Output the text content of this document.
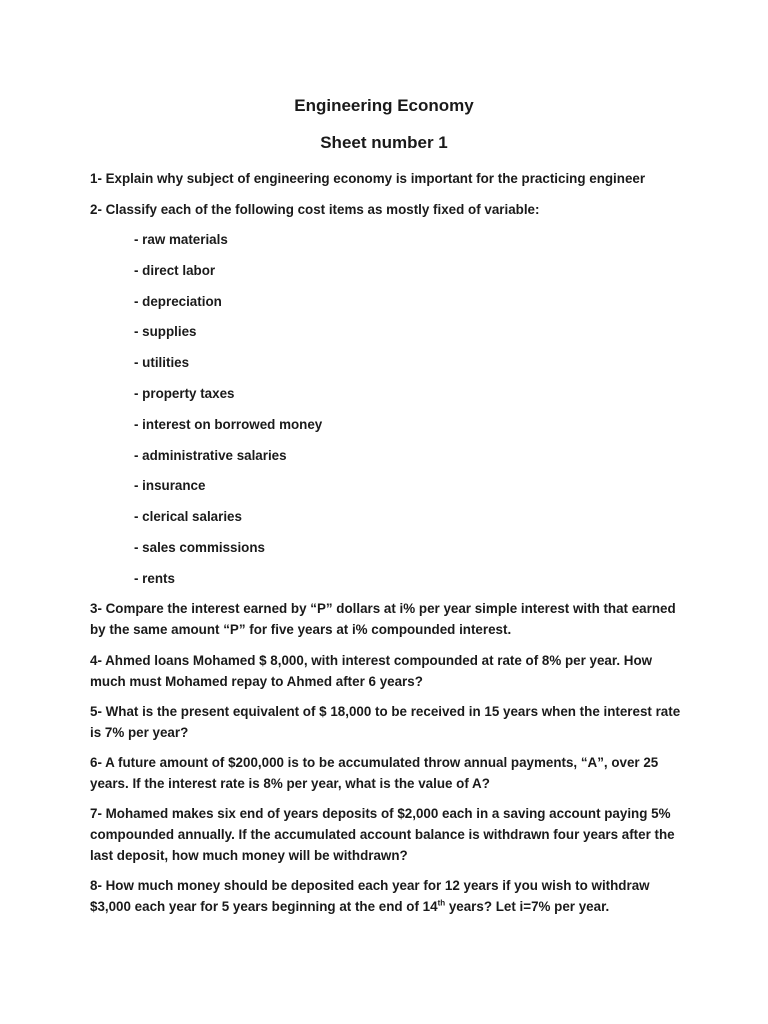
Engineering Economy
Sheet number 1

1- Explain why subject of engineering economy is important for the practicing engineer

2- Classify each of the following cost items as mostly fixed of variable:

- raw materials
- direct labor
- depreciation
- supplies
- utilities
- property taxes
- interest on borrowed money
- administrative salaries
- insurance
- clerical salaries
- sales commissions
- rents

3- Compare the interest earned by “P” dollars at i% per year simple interest with that earned by the same amount “P” for five years at i% compounded interest.

4- Ahmed loans Mohamed $ 8,000, with interest compounded at rate of 8% per year. How much must Mohamed repay to Ahmed after 6 years?

5- What is the present equivalent of $ 18,000 to be received in 15 years when the interest rate is 7% per year?

6- A future amount of $200,000 is to be accumulated throw annual payments, “A”, over 25 years. If the interest rate is 8% per year, what is the value of A?

7- Mohamed makes six end of years deposits of $2,000 each in a saving account paying 5% compounded annually. If the accumulated account balance is withdrawn four years after the last deposit, how much money will be withdrawn?

8- How much money should be deposited each year for 12 years if you wish to withdraw $3,000 each year for 5 years beginning at the end of 14th years? Let i=7% per year.
